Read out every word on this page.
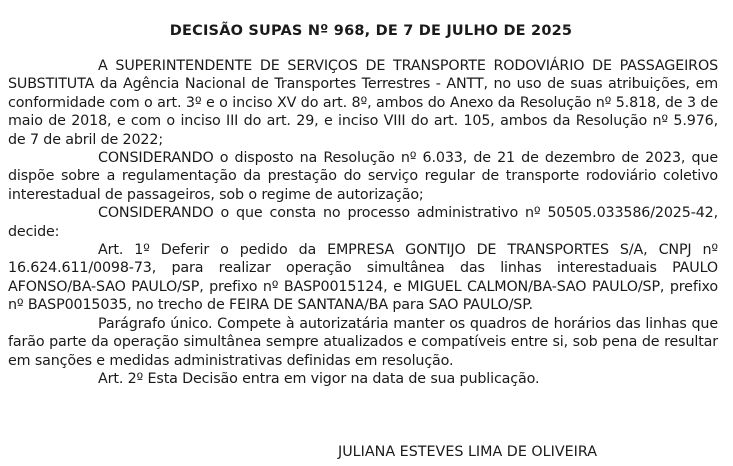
DECISÃO SUPAS Nº 968, DE 7 DE JULHO DE 2025

A SUPERINTENDENTE DE SERVIÇOS DE TRANSPORTE RODOVIÁRIO DE PASSAGEIROS SUBSTITUTA da Agência Nacional de Transportes Terrestres - ANTT, no uso de suas atribuições, em conformidade com o art. 3º e o inciso XV do art. 8º, ambos do Anexo da Resolução nº 5.818, de 3 de maio de 2018, e com o inciso III do art. 29, e inciso VIII do art. 105, ambos da Resolução nº 5.976, de 7 de abril de 2022;

CONSIDERANDO o disposto na Resolução nº 6.033, de 21 de dezembro de 2023, que dispõe sobre a regulamentação da prestação do serviço regular de transporte rodoviário coletivo interestadual de passageiros, sob o regime de autorização;

CONSIDERANDO o que consta no processo administrativo nº 50505.033586/2025-42, decide:

Art. 1º Deferir o pedido da EMPRESA GONTIJO DE TRANSPORTES S/A, CNPJ nº 16.624.611/0098-73, para realizar operação simultânea das linhas interestaduais PAULO AFONSO/BA-SAO PAULO/SP, prefixo nº BASP0015124, e MIGUEL CALMON/BA-SAO PAULO/SP, prefixo nº BASP0015035, no trecho de FEIRA DE SANTANA/BA para SAO PAULO/SP.

Parágrafo único. Compete à autorizatária manter os quadros de horários das linhas que farão parte da operação simultânea sempre atualizados e compatíveis entre si, sob pena de resultar em sanções e medidas administrativas definidas em resolução.

Art. 2º Esta Decisão entra em vigor na data de sua publicação.

JULIANA ESTEVES LIMA DE OLIVEIRA
